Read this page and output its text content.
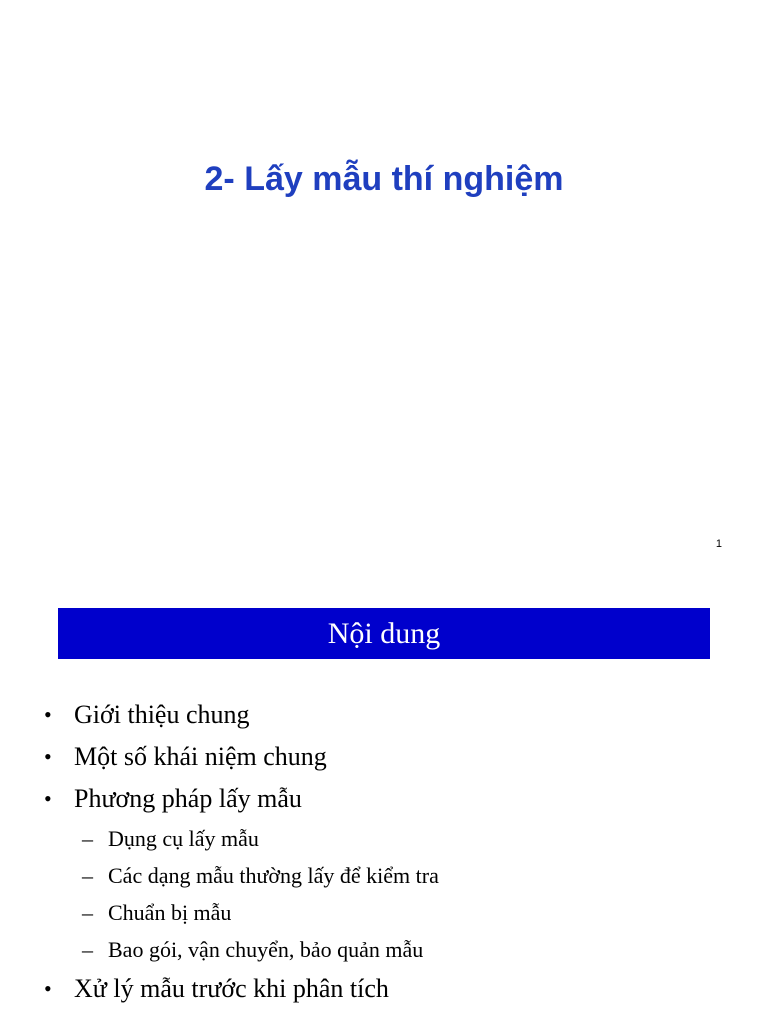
2- Lấy mẫu thí nghiệm
1
Nội dung
• Giới thiệu chung
• Một số khái niệm chung
• Phương pháp lấy mẫu
– Dụng cụ lấy mẫu
– Các dạng mẫu thường lấy để kiểm tra
– Chuẩn bị mẫu
– Bao gói, vận chuyển, bảo quản mẫu
• Xử lý mẫu trước khi phân tích
